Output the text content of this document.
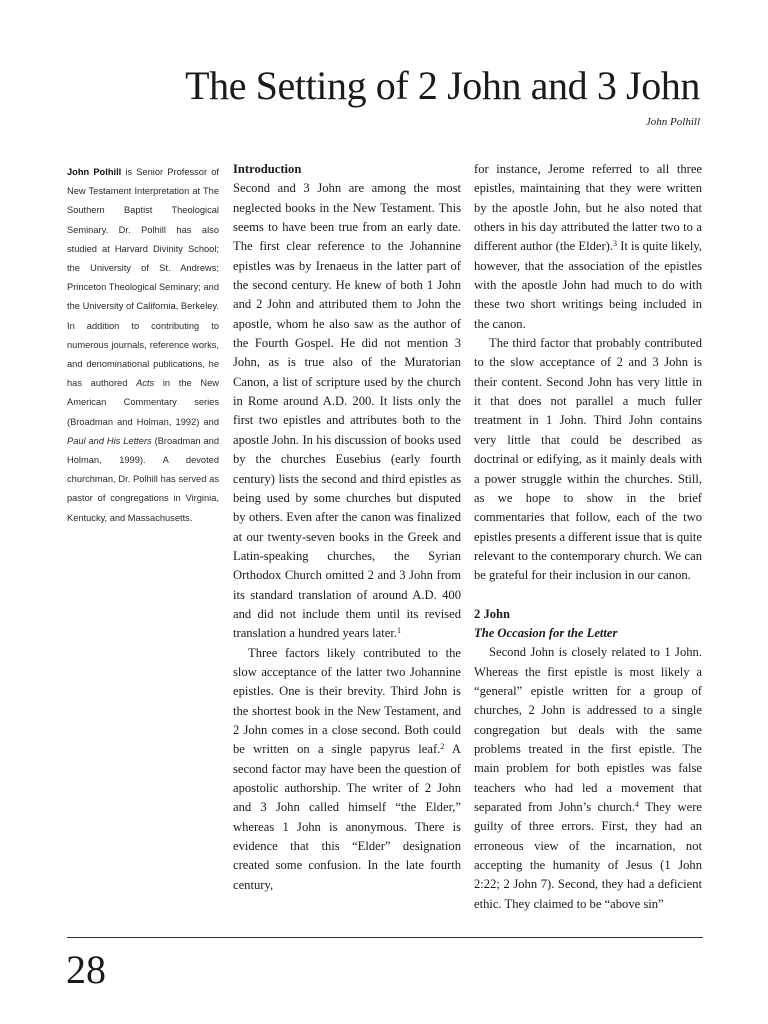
The Setting of 2 John and 3 John
John Polhill

John Polhill is Senior Professor of New Testament Interpretation at The Southern Baptist Theological Seminary. Dr. Polhill has also studied at Harvard Divinity School; the University of St. Andrews; Princeton Theological Seminary; and the University of California, Berkeley. In addition to contributing to numerous journals, reference works, and denominational publications, he has authored Acts in the New American Commentary series (Broadman and Holman, 1992) and Paul and His Letters (Broadman and Holman, 1999). A devoted churchman, Dr. Polhill has served as pastor of congregations in Virginia, Kentucky, and Massachusetts.

Introduction

Second and 3 John are among the most neglected books in the New Testament. This seems to have been true from an early date. The first clear reference to the Johannine epistles was by Irenaeus in the latter part of the second century. He knew of both 1 John and 2 John and attributed them to John the apostle, whom he also saw as the author of the Fourth Gospel. He did not mention 3 John, as is true also of the Muratorian Canon, a list of scripture used by the church in Rome around A.D. 200. It lists only the first two epistles and attributes both to the apostle John. In his discussion of books used by the churches Eusebius (early fourth century) lists the second and third epistles as being used by some churches but disputed by others. Even after the canon was finalized at our twenty-seven books in the Greek and Latin-speaking churches, the Syrian Orthodox Church omitted 2 and 3 John from its standard translation of around A.D. 400 and did not include them until its revised translation a hundred years later.$^1$

Three factors likely contributed to the slow acceptance of the latter two Johannine epistles. One is their brevity. Third John is the shortest book in the New Testament, and 2 John comes in a close second. Both could be written on a single papyrus leaf.$^2$ A second factor may have been the question of apostolic authorship. The writer of 2 John and 3 John called himself “the Elder,” whereas 1 John is anonymous. There is evidence that this “Elder” designation created some confusion. In the late fourth century,

for instance, Jerome referred to all three epistles, maintaining that they were written by the apostle John, but he also noted that others in his day attributed the latter two to a different author (the Elder).$^3$ It is quite likely, however, that the association of the epistles with the apostle John had much to do with these two short writings being included in the canon.

The third factor that probably contributed to the slow acceptance of 2 and 3 John is their content. Second John has very little in it that does not parallel a much fuller treatment in 1 John. Third John contains very little that could be described as doctrinal or edifying, as it mainly deals with a power struggle within the churches. Still, as we hope to show in the brief commentaries that follow, each of the two epistles presents a different issue that is quite relevant to the contemporary church. We can be grateful for their inclusion in our canon.

2 John
The Occasion for the Letter

Second John is closely related to 1 John. Whereas the first epistle is most likely a “general” epistle written for a group of churches, 2 John is addressed to a single congregation but deals with the same problems treated in the first epistle. The main problem for both epistles was false teachers who had led a movement that separated from John’s church.$^4$ They were guilty of three errors. First, they had an erroneous view of the incarnation, not accepting the humanity of Jesus (1 John 2:22; 2 John 7). Second, they had a deficient ethic. They claimed to be “above sin”

28
